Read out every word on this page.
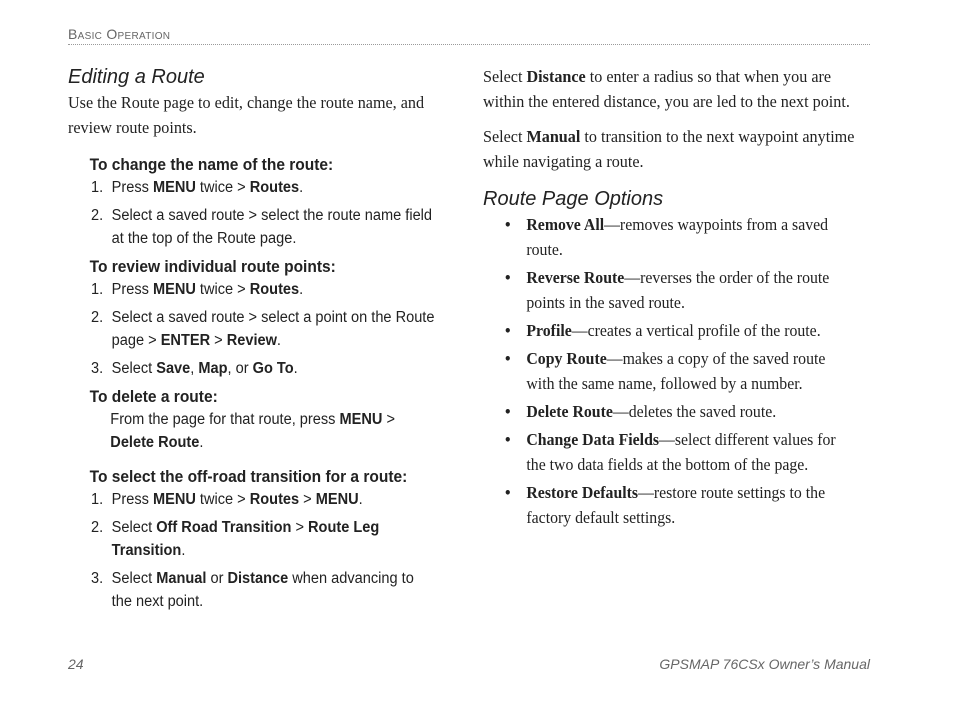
Basic Operation
Editing a Route

Use the Route page to edit, change the route name, and review route points.

To change the name of the route:

1. Press MENU twice > Routes.
2. Select a saved route > select the route name field at the top of the Route page.

To review individual route points:

1. Press MENU twice > Routes.
2. Select a saved route > select a point on the Route page > ENTER > Review.
3. Select Save, Map, or Go To.

To delete a route:

From the page for that route, press MENU > Delete Route.

To select the off-road transition for a route:

1. Press MENU twice > Routes > MENU.
2. Select Off Road Transition > Route Leg Transition.
3. Select Manual or Distance when advancing to the next point.

Select Distance to enter a radius so that when you are within the entered distance, you are led to the next point.

Select Manual to transition to the next waypoint anytime while navigating a route.

Route Page Options
• Remove All—removes waypoints from a saved route.
• Reverse Route—reverses the order of the route points in the saved route.
• Profile—creates a vertical profile of the route.
• Copy Route—makes a copy of the saved route with the same name, followed by a number.
• Delete Route—deletes the saved route.
• Change Data Fields—select different values for the two data fields at the bottom of the page.
• Restore Defaults—restore route settings to the factory default settings.
24	GPSMAP 76CSx Owner’s Manual
